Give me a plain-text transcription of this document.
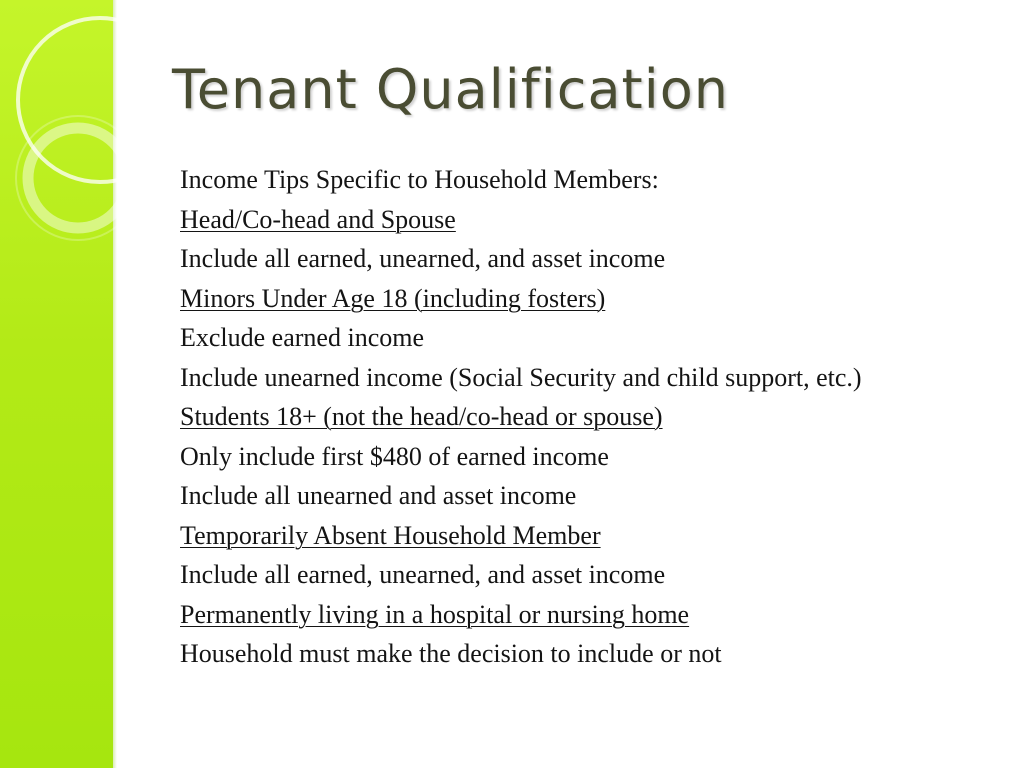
Tenant Qualification
Income Tips Specific to Household Members:
Head/Co-head and Spouse
Include all earned, unearned, and asset income
Minors Under Age 18 (including fosters)
Exclude earned income
Include unearned income (Social Security and child support, etc.)
Students 18+ (not the head/co-head or spouse)
Only include first $480 of earned income
Include all unearned and asset income
Temporarily Absent Household Member
Include all earned, unearned, and asset income
Permanently living in a hospital or nursing home
Household must make the decision to include or not
